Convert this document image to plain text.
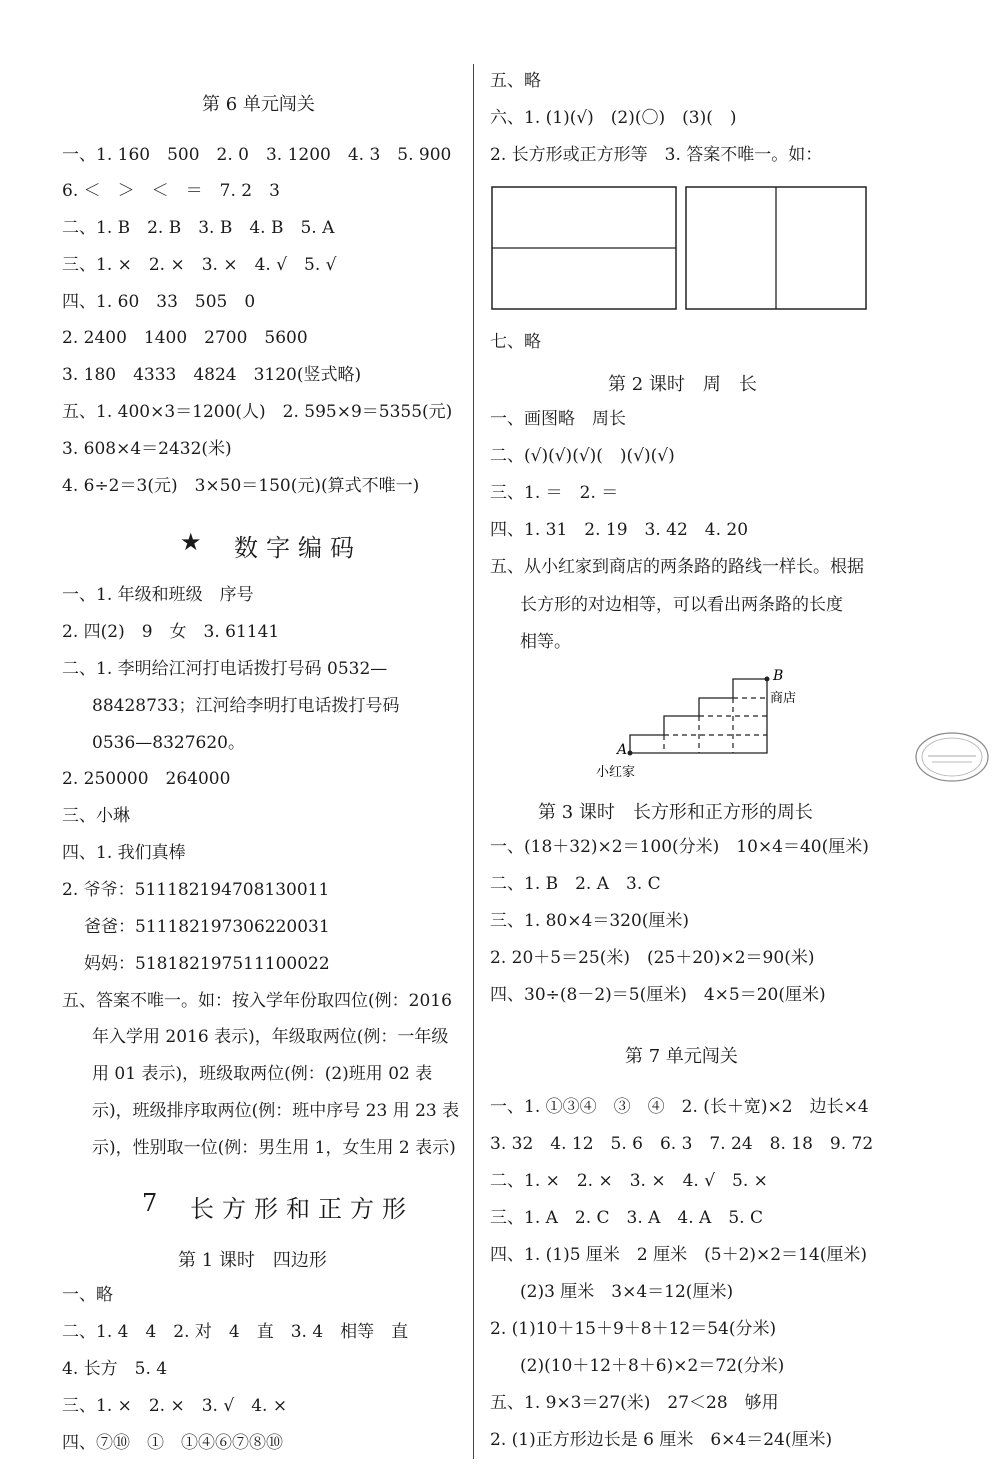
第 6 单元闯关
一、1. 160　500　2. 0　3. 1200　4. 3　5. 900
6. ＜　＞　＜　＝　7. 2　3
二、1. B　2. B　3. B　4. B　5. A
三、1. ×　2. ×　3. ×　4. √　5. √
四、1. 60　33　505　0
2. 2400　1400　2700　5600
3. 180　4333　4824　3120(竖式略)
五、1. 400×3＝1200(人)　2. 595×9＝5355(元)
3. 608×4＝2432(米)
4. 6÷2＝3(元)　3×50＝150(元)(算式不唯一)
★ 数字编码
一、1. 年级和班级　序号
2. 四(2)　9　女　3. 61141
二、1. 李明给江河打电话拨打号码 0532—
88428733；江河给李明打电话拨打号码
0536—8327620。
2. 250000　264000
三、小琳
四、1. 我们真棒
2. 爷爷：511182194708130011
爸爸：511182197306220031
妈妈：518182197511100022
五、答案不唯一。如：按入学年份取四位(例：2016
年入学用 2016 表示)，年级取两位(例：一年级
用 01 表示)，班级取两位(例：(2)班用 02 表
示)，班级排序取两位(例：班中序号 23 用 23 表
示)，性别取一位(例：男生用 1，女生用 2 表示)
7 长方形和正方形
第 1 课时　四边形
一、略
二、1. 4　4　2. 对　4　直　3. 4　相等　直
4. 长方　5. 4
三、1. ×　2. ×　3. √　4. ×
四、⑦⑩　①　①④⑥⑦⑧⑩
五、略
六、1. (1)(√)　(2)(〇)　(3)(　)
2. 长方形或正方形等　3. 答案不唯一。如：
七、略
第 2 课时　周　长
一、画图略　周长
二、(√)(√)(√)(　)(√)(√)
三、1. ＝　2. ＝
四、1. 31　2. 19　3. 42　4. 20
五、从小红家到商店的两条路的路线一样长。根据
长方形的对边相等，可以看出两条路的长度
相等。
B
商店
A
小红家
第 3 课时　长方形和正方形的周长
一、(18＋32)×2＝100(分米)　10×4＝40(厘米)
二、1. B　2. A　3. C
三、1. 80×4＝320(厘米)
2. 20＋5＝25(米)　(25＋20)×2＝90(米)
四、30÷(8－2)＝5(厘米)　4×5＝20(厘米)
第 7 单元闯关
一、1. ①③④　③　④　2. (长＋宽)×2　边长×4
3. 32　4. 12　5. 6　6. 3　7. 24　8. 18　9. 72
二、1. ×　2. ×　3. ×　4. √　5. ×
三、1. A　2. C　3. A　4. A　5. C
四、1. (1)5 厘米　2 厘米　(5＋2)×2＝14(厘米)
(2)3 厘米　3×4＝12(厘米)
2. (1)10＋15＋9＋8＋12＝54(分米)
(2)(10＋12＋8＋6)×2＝72(分米)
五、1. 9×3＝27(米)　27＜28　够用
2. (1)正方形边长是 6 厘米　6×4＝24(厘米)
